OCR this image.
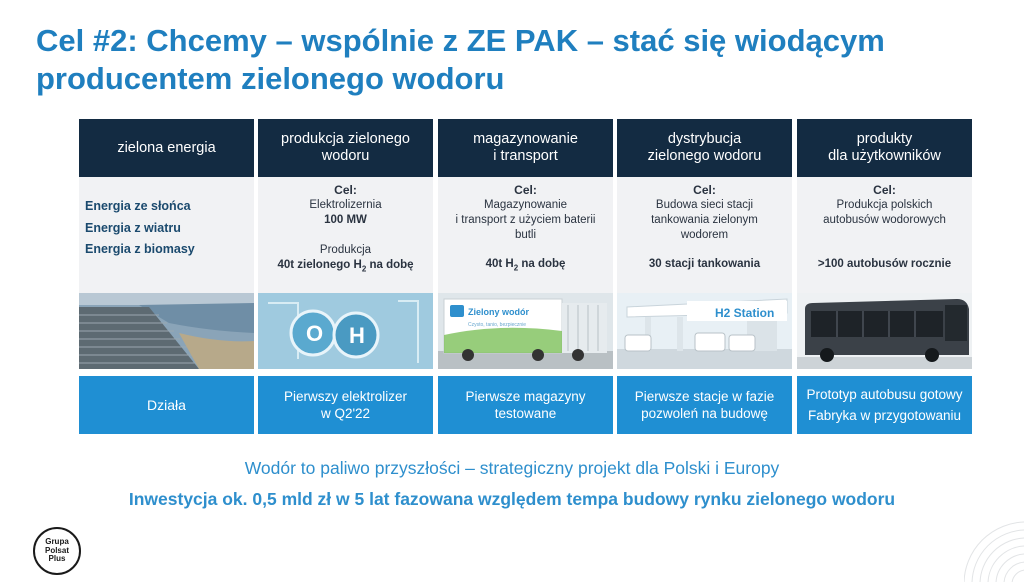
Cel #2: Chcemy – wspólnie z ZE PAK – stać się wiodącym producentem zielonego wodoru
zielona energia
Energia ze słońca
Energia z wiatru
Energia z biomasy
Działa
produkcja zielonego wodoru
Cel:
Elektrolizernia
100 MW
Produkcja
40t zielonego $H_2$ na dobę
O H
Pierwszy elektrolizer
w Q2'22
magazynowanie
i transport
Cel:
Magazynowanie
i transport z użyciem baterii
butli
40t $H_2$ na dobę
Zielony wodór
Czysto, tanio, bezpiecznie
Pierwsze magazyny
testowane
dystrybucja
zielonego wodoru
Cel:
Budowa sieci stacji
tankowania zielonym
wodorem
30 stacji tankowania
H2 Station
Pierwsze stacje w fazie
pozwoleń na budowę
produkty
dla użytkowników
Cel:
Produkcja polskich
autobusów wodorowych
>100 autobusów rocznie
Prototyp autobusu gotowy
Fabryka w przygotowaniu
Wodór to paliwo przyszłości – strategiczny projekt dla Polski i Europy
Inwestycja ok. 0,5 mld zł w 5 lat fazowana względem tempa budowy rynku zielonego wodoru
Grupa
Polsat
Plus
